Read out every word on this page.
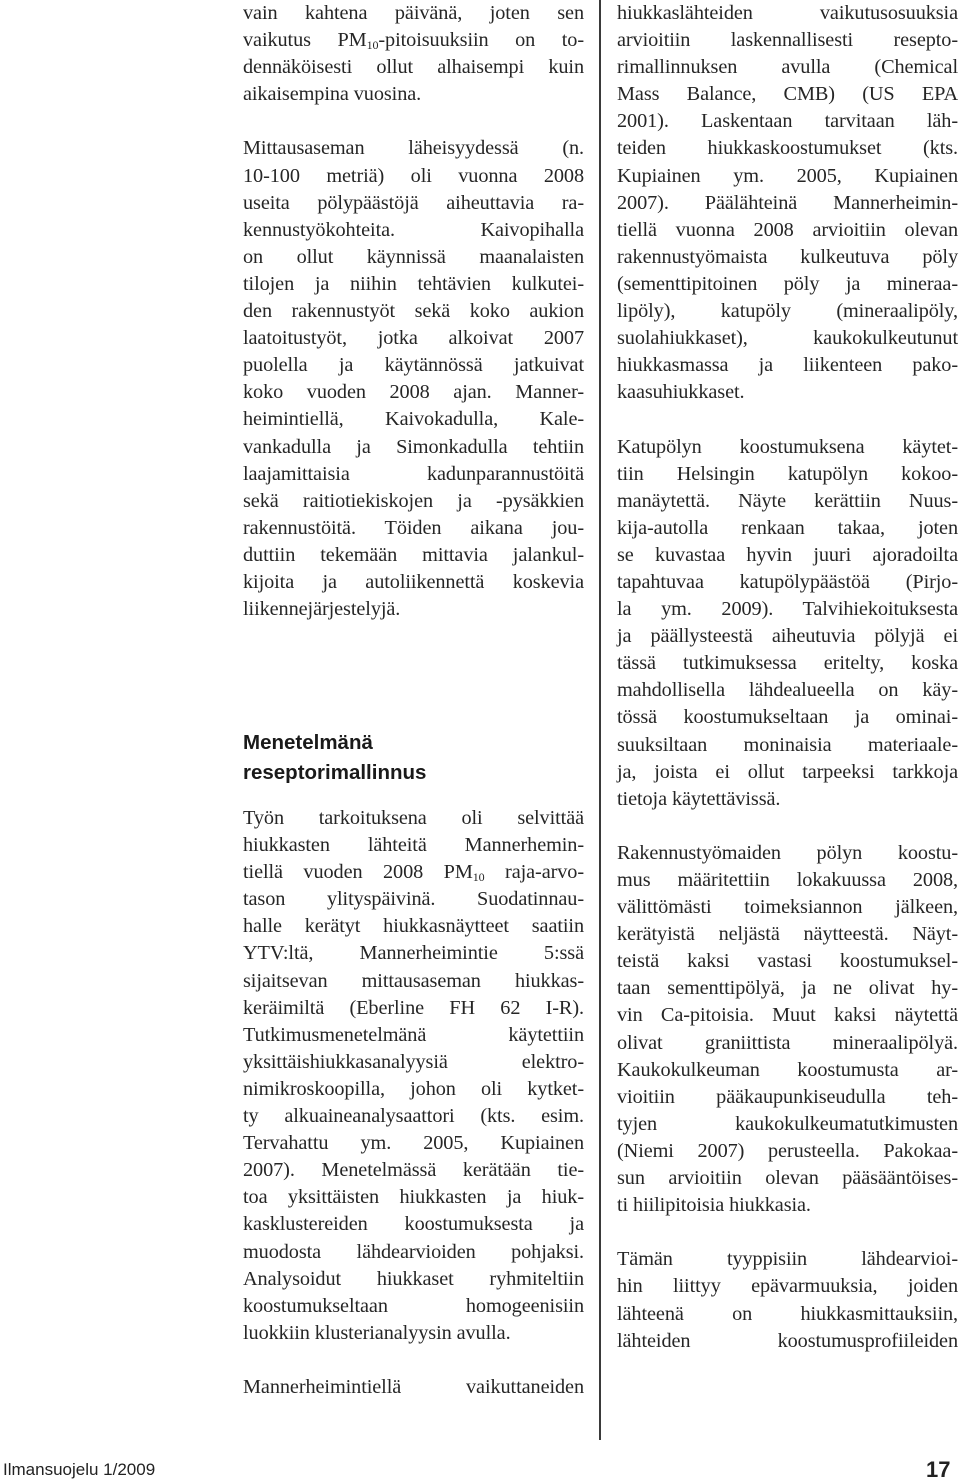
vain kahtena päivänä, joten sen
vaikutus $PM_{10}$-pitoisuuksiin on to-
dennäköisesti ollut alhaisempi kuin
aikaisempina vuosina.

Mittausaseman läheisyydessä (n.
10-100 metriä) oli vuonna 2008
useita pölypäästöjä aiheuttavia ra-
kennustyökohteita. Kaivopihalla
on ollut käynnissä maanalaisten
tilojen ja niihin tehtävien kulkutei-
den rakennustyöt sekä koko aukion
laatoitustyöt, jotka alkoivat 2007
puolella ja käytännössä jatkuivat
koko vuoden 2008 ajan. Manner-
heimintiellä, Kaivokadulla, Kale-
vankadulla ja Simonkadulla tehtiin
laajamittaisia kadunparannustöitä
sekä raitiotiekiskojen ja -pysäkkien
rakennustöitä. Töiden aikana jou-
duttiin tekemään mittavia jalankul-
kijoita ja autoliikennettä koskevia
liikennejärjestelyjä.

Menetelmänä
reseptorimallinnus

Työn tarkoituksena oli selvittää
hiukkasten lähteitä Mannerhemin-
tiellä vuoden 2008 $PM_{10}$ raja-arvo-
tason ylityspäivinä. Suodatinnau-
halle kerätyt hiukkasnäytteet saatiin
YTV:ltä, Mannerheimintie 5:ssä
sijaitsevan mittausaseman hiukkas-
keräimiltä (Eberline FH 62 I-R).
Tutkimusmenetelmänä käytettiin
yksittäishiukkasanalyysiä elektro-
nimikroskoopilla, johon oli kytket-
ty alkuaineanalysaattori (kts. esim.
Tervahattu ym. 2005, Kupiainen
2007). Menetelmässä kerätään tie-
toa yksittäisten hiukkasten ja hiuk-
kasklustereiden koostumuksesta ja
muodosta lähdearvioiden pohjaksi.
Analysoidut hiukkaset ryhmiteltiin
koostumukseltaan homogeenisiin
luokkiin klusterianalyysin avulla.

Mannerheimintiellä vaikuttaneiden

hiukkaslähteiden vaikutusosuuksia
arvioitiin laskennallisesti resepto-
rimallinnuksen avulla (Chemical
Mass Balance, CMB) (US EPA
2001). Laskentaan tarvitaan läh-
teiden hiukkaskoostumukset (kts.
Kupiainen ym. 2005, Kupiainen
2007). Päälähteinä Mannerheimin-
tiellä vuonna 2008 arvioitiin olevan
rakennustyömaista kulkeutuva pöly
(sementtipitoinen pöly ja mineraa-
lipöly), katupöly (mineraalipöly,
suolahiukkaset), kaukokulkeutunut
hiukkasmassa ja liikenteen pako-
kaasuhiukkaset.

Katupölyn koostumuksena käytet-
tiin Helsingin katupölyn kokoo-
manäytettä. Näyte kerättiin Nuus-
kija-autolla renkaan takaa, joten
se kuvastaa hyvin juuri ajoradoilta
tapahtuvaa katupölypäästöä (Pirjo-
la ym. 2009). Talvihiekoituksesta
ja päällysteestä aiheutuvia pölyjä ei
tässä tutkimuksessa eritelty, koska
mahdollisella lähdealueella on käy-
tössä koostumukseltaan ja ominai-
suuksiltaan moninaisia materiaale-
ja, joista ei ollut tarpeeksi tarkkoja
tietoja käytettävissä.

Rakennustyömaiden pölyn koostu-
mus määritettiin lokakuussa 2008,
välittömästi toimeksiannon jälkeen,
kerätyistä neljästä näytteestä. Näyt-
teistä kaksi vastasi koostumuksel-
taan sementtipölyä, ja ne olivat hy-
vin Ca-pitoisia. Muut kaksi näytettä
olivat graniittista mineraalipölyä.
Kaukokulkeuman koostumusta ar-
vioitiin pääkaupunkiseudulla teh-
tyjen kaukokulkeumatutkimusten
(Niemi 2007) perusteella. Pakokaa-
sun arvioitiin olevan pääsääntöises-
ti hiilipitoisia hiukkasia.

Tämän tyyppisiin lähdearvioi-
hin liittyy epävarmuuksia, joiden
lähteenä on hiukkasmittauksiin,
lähteiden koostumusprofiileiden

Ilmansuojelu 1/2009	17
